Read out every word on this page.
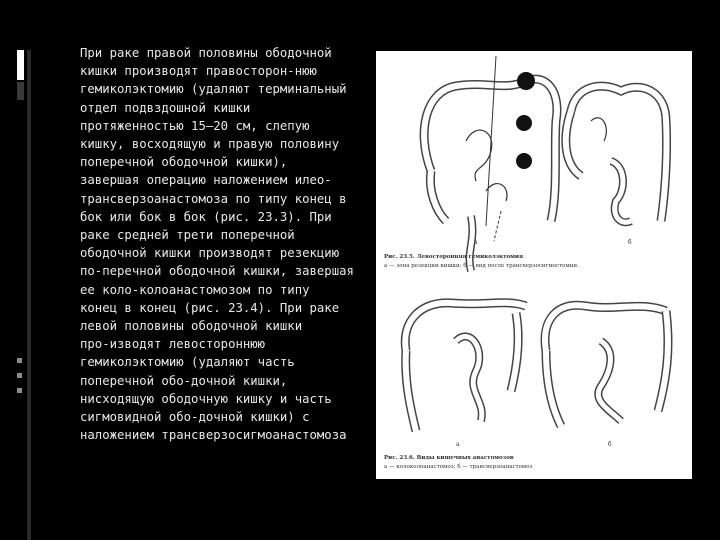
При раке правой половины ободочной
кишки производят правосторон-нюю
гемиколэктомию (удаляют терминальный
отдел подвздошной кишки
протяженностью 15—20 см, слепую
кишку, восходящую и правую половину
поперечной ободочной кишки),
завершая операцию наложением илео-
трансверзоанастомоза по типу конец в
бок или бок в бок (рис. 23.3). При
раке средней трети поперечной
ободочной кишки производят резекцию
по-перечной ободочной кишки, завершая
ее коло-колоанастомозом по типу
конец в конец (рис. 23.4). При раке
левой половины ободочной кишки
про-изводят левостороннюю
гемиколэктомию (удаляют часть
поперечной обо-дочной кишки,
нисходящую ободочную кишку и часть
сигмовидной обо-дочной кишки) с
наложением трансверзосигмоанастомоза

а	б
Рис. 23.5. Левосторонняя гемиколэктомия
а — зона резекции кишки; б — вид после трансверзосигмостомии.
а	б
Рис. 23.6. Виды кишечных анастомозов
а — колоколоанастомоз; б — трансверзоанастомоз
